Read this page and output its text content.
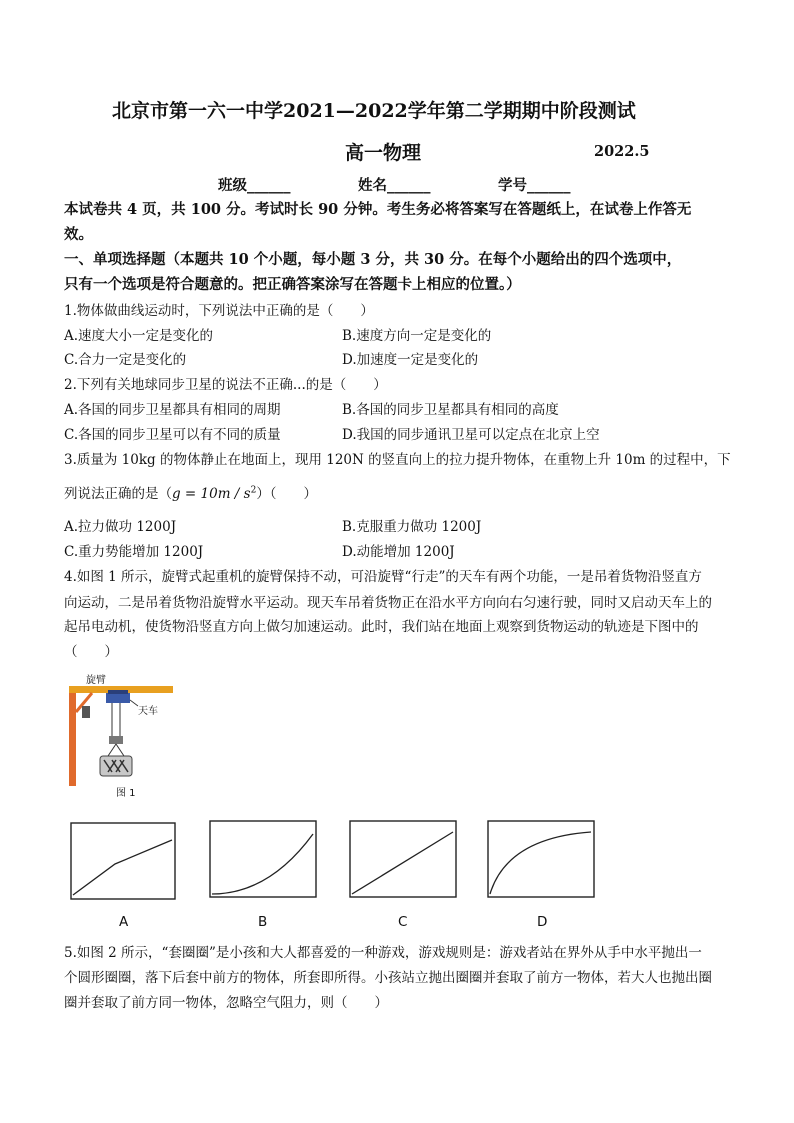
北京市第一六一中学2021—2022学年第二学期期中阶段测试
高一物理	2022.5
班级______	姓名______	学号______
本试卷共 4 页，共 100 分。考试时长 90 分钟。考生务必将答案写在答题纸上，在试卷上作答无
效。
一、单项选择题（本题共 10 个小题，每小题 3 分，共 30 分。在每个小题给出的四个选项中，
只有一个选项是符合题意的。把正确答案涂写在答题卡上相应的位置。）
1.物体做曲线运动时，下列说法中正确的是（　　）
A.速度大小一定是变化的	B.速度方向一定是变化的
C.合力一定是变化的	D.加速度一定是变化的
2.下列有关地球同步卫星的说法不正确...的是（　　）
A.各国的同步卫星都具有相同的周期	B.各国的同步卫星都具有相同的高度
C.各国的同步卫星可以有不同的质量	D.我国的同步通讯卫星可以定点在北京上空
3.质量为 10kg 的物体静止在地面上，现用 120N 的竖直向上的拉力提升物体，在重物上升 10m 的过程中，下
列说法正确的是$(g = 10m / s^2)$（　　）
A.拉力做功 1200J	B.克服重力做功 1200J
C.重力势能增加 1200J	D.动能增加 1200J
4.如图 1 所示，旋臂式起重机的旋臂保持不动，可沿旋臂“行走”的天车有两个功能，一是吊着货物沿竖直方
向运动，二是吊着货物沿旋臂水平运动。现天车吊着货物正在沿水平方向向右匀速行驶，同时又启动天车上的
起吊电动机，使货物沿竖直方向上做匀加速运动。此时，我们站在地面上观察到货物运动的轨迹是下图中的
（　　）
旋臂
天车
图 1
A	B	C	D
5.如图 2 所示，“套圈圈”是小孩和大人都喜爱的一种游戏，游戏规则是：游戏者站在界外从手中水平抛出一
个圆形圈圈，落下后套中前方的物体，所套即所得。小孩站立抛出圈圈并套取了前方一物体，若大人也抛出圈
圈并套取了前方同一物体，忽略空气阻力，则（　　）
